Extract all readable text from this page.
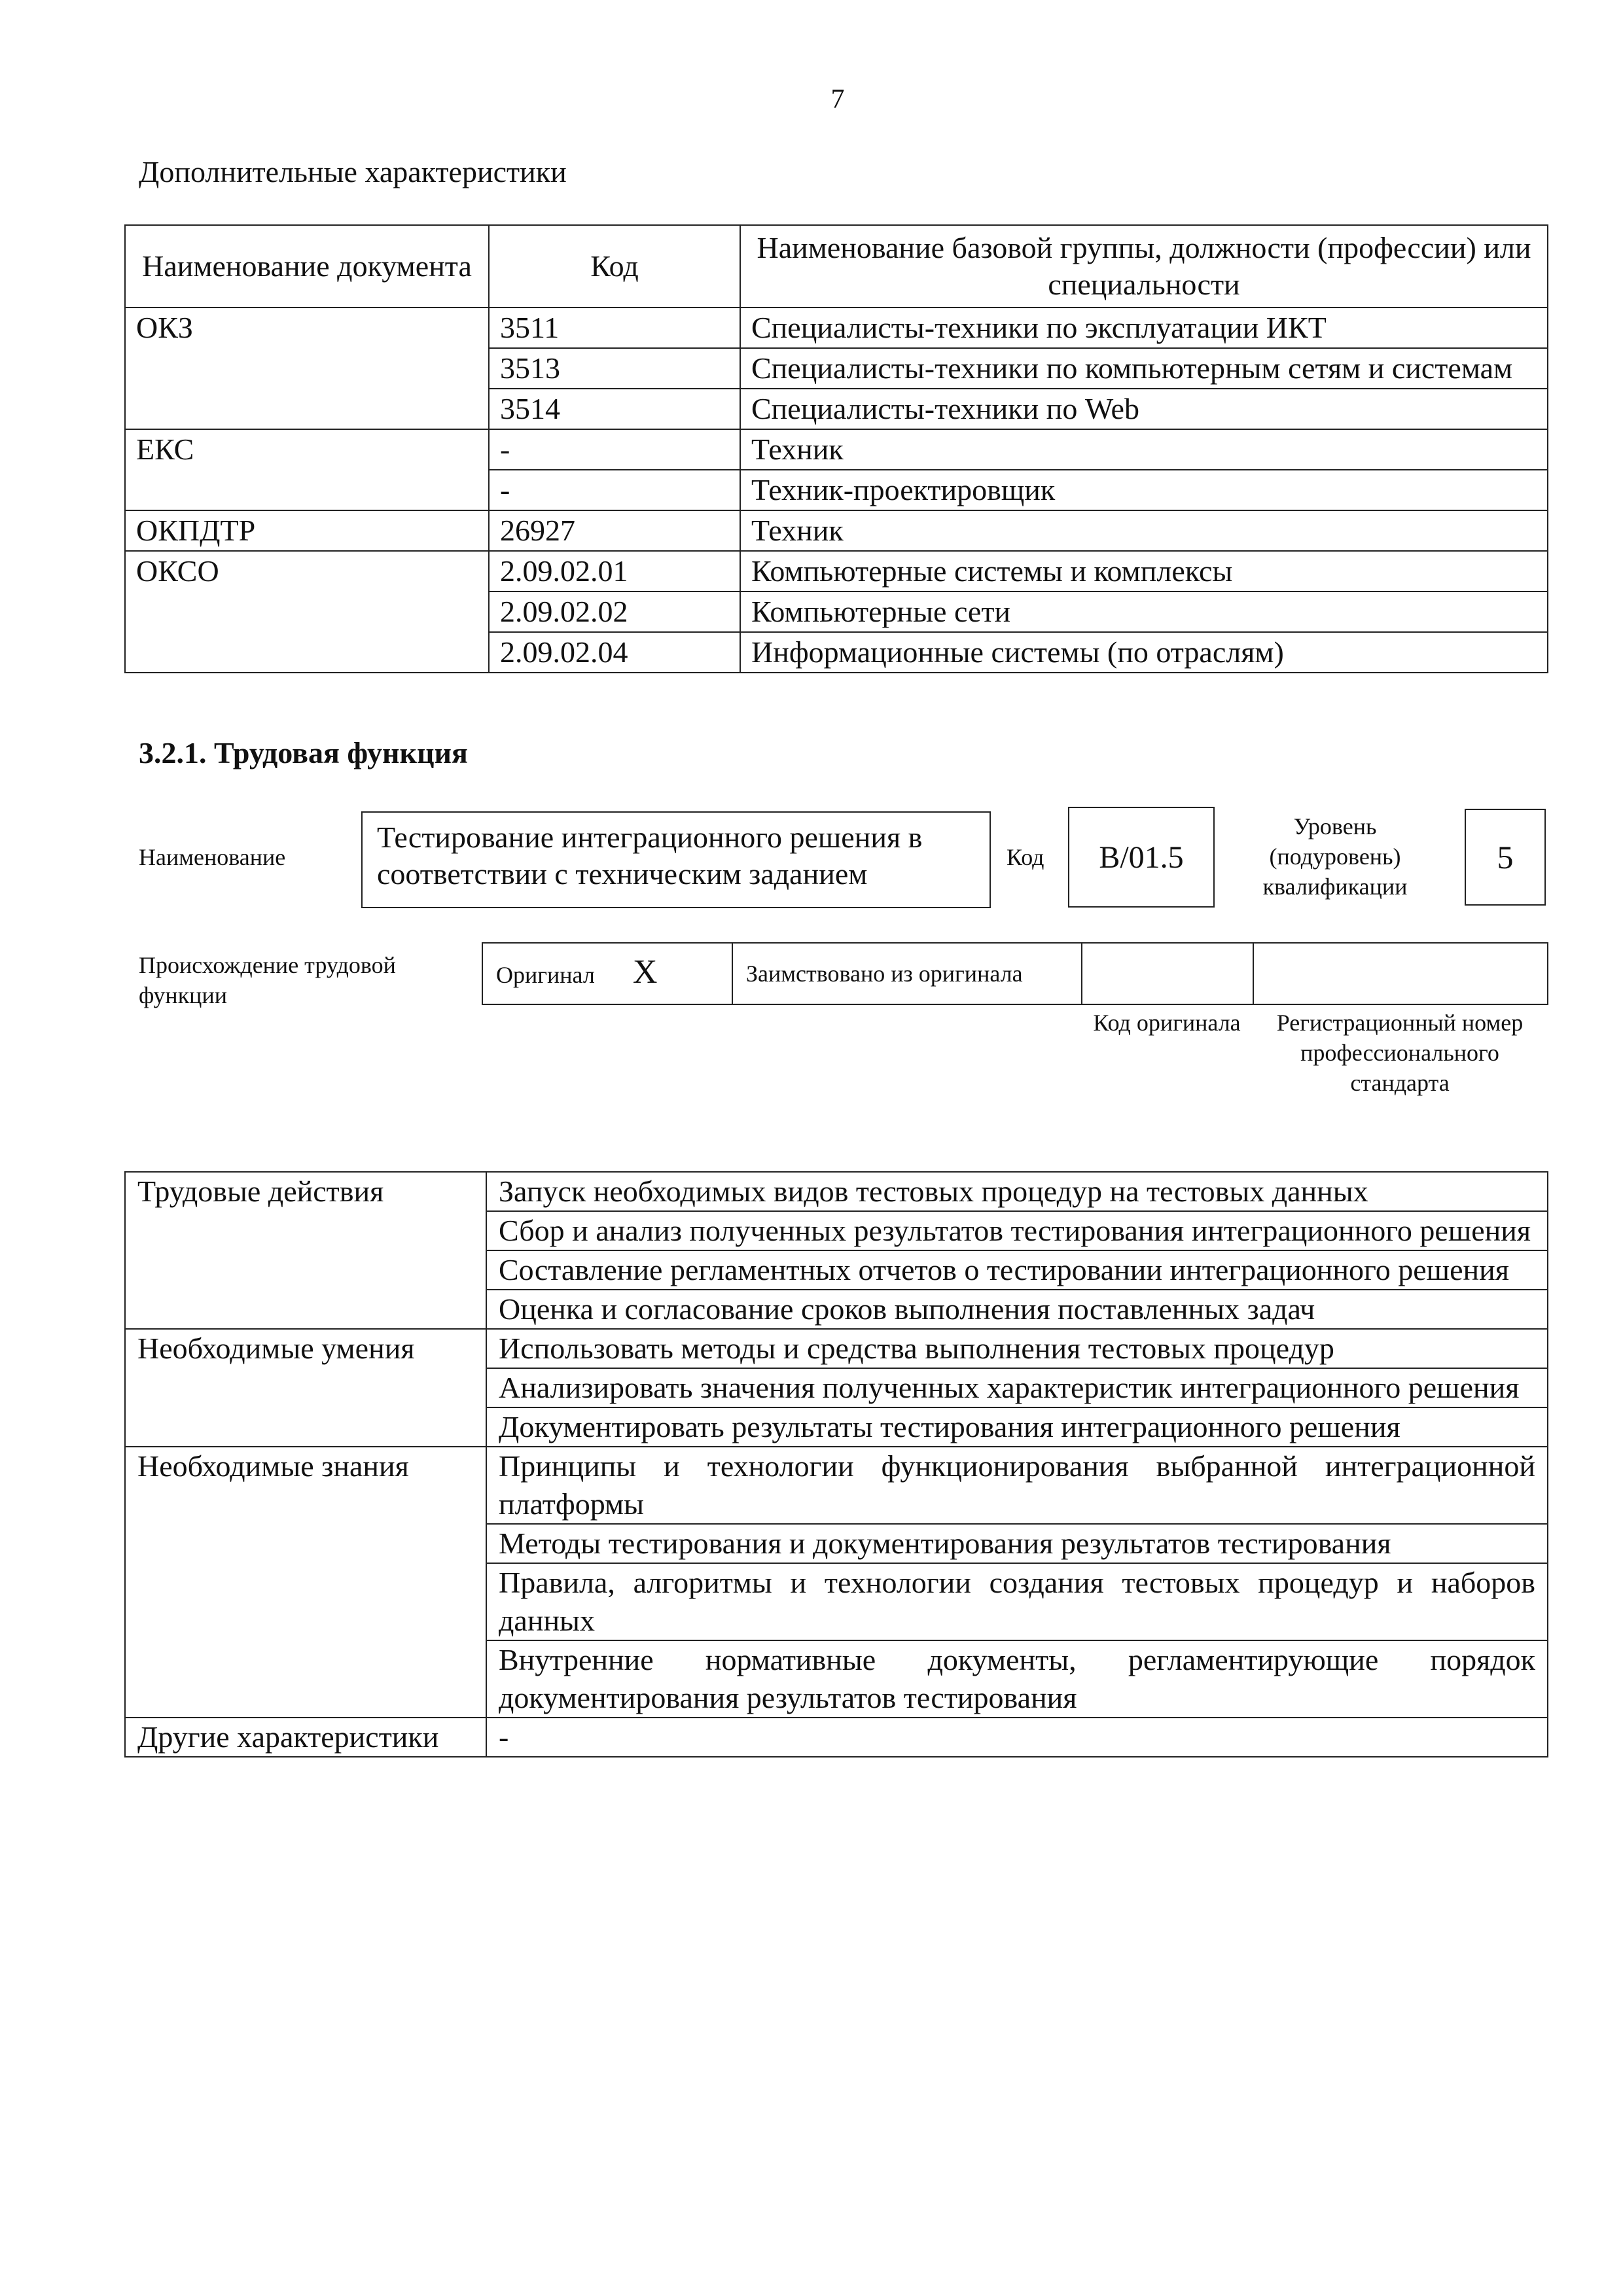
7
Дополнительные характеристики
Наименование документа	Код	Наименование базовой группы, должности (профессии) или специальности
ОКЗ	3511	Специалисты-техники по эксплуатации ИКТ
	3513	Специалисты-техники по компьютерным сетям и системам
	3514	Специалисты-техники по Web
ЕКС	-	Техник
	-	Техник-проектировщик
ОКПДТР	26927	Техник
ОКСО	2.09.02.01	Компьютерные системы и комплексы
	2.09.02.02	Компьютерные сети
	2.09.02.04	Информационные системы (по отраслям)
3.2.1. Трудовая функция
Наименование
Тестирование интеграционного решения в соответствии с техническим заданием	Код	B/01.5
Уровень (подуровень) квалификации
5
Происхождение трудовой функции
Оригинал X	Заимствовано из оригинала		
Код оригинала	Регистрационный номер профессионального стандарта
Трудовые действия	Запуск необходимых видов тестовых процедур на тестовых данных
	Сбор и анализ полученных результатов тестирования интеграционного решения
	Составление регламентных отчетов о тестировании интеграционного решения
	Оценка и согласование сроков выполнения поставленных задач
Необходимые умения	Использовать методы и средства выполнения тестовых процедур
	Анализировать значения полученных характеристик интеграционного решения
	Документировать результаты тестирования интеграционного решения
Необходимые знания	Принципы и технологии функционирования выбранной интеграционной платформы
	Методы тестирования и документирования результатов тестирования
	Правила, алгоритмы и технологии создания тестовых процедур и наборов данных
	Внутренние нормативные документы, регламентирующие порядок документирования результатов тестирования
Другие характеристики	-
